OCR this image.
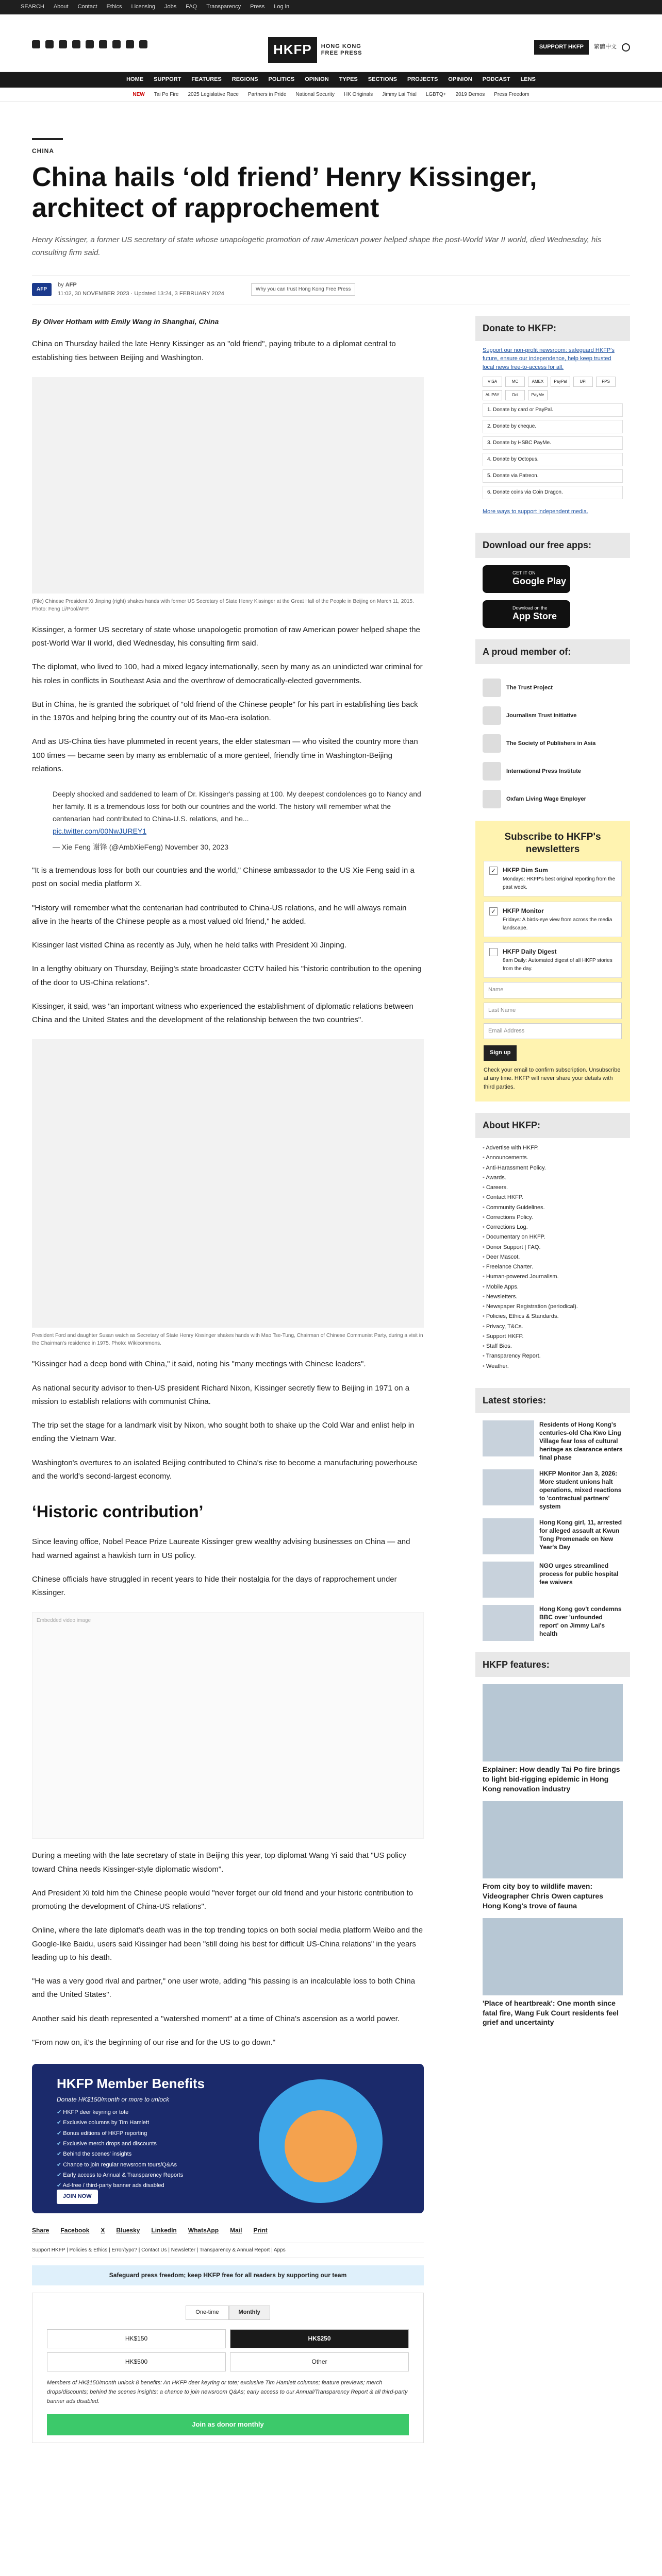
SEARCH About Contact Ethics Licensing Jobs FAQ Transparency Press Log in
HKFP	HONG KONG
FREE PRESS
SUPPORT HKFP	繁體中文
HOME SUPPORT FEATURES REGIONS POLITICS OPINION TYPES SECTIONS PROJECTS OPINION PODCAST LENS
NEW Tai Po Fire 2025 Legislative Race Partners in Pride National Security HK Originals Jimmy Lai Trial LGBTQ+ 2019 Demos Press Freedom
CHINA
China hails ‘old friend’ Henry Kissinger, architect of rapprochement
Henry Kissinger, a former US secretary of state whose unapologetic promotion of raw American power helped shape the post-World War II world, died Wednesday, his consulting firm said.
AFP
by AFP
11:02, 30 NOVEMBER 2023 · Updated 13:24, 3 FEBRUARY 2024
Why you can trust Hong Kong Free Press
By Oliver Hotham with Emily Wang in Shanghai, China

China on Thursday hailed the late Henry Kissinger as an "old friend", paying tribute to a diplomat central to establishing ties between Beijing and Washington.

(File) Chinese President Xi Jinping (right) shakes hands with former US Secretary of State Henry Kissinger at the Great Hall of the People in Beijing on March 11, 2015. Photo: Feng Li/Pool/AFP.

Kissinger, a former US secretary of state whose unapologetic promotion of raw American power helped shape the post-World War II world, died Wednesday, his consulting firm said.

The diplomat, who lived to 100, had a mixed legacy internationally, seen by many as an unindicted war criminal for his roles in conflicts in Southeast Asia and the overthrow of democratically-elected governments.

But in China, he is granted the sobriquet of "old friend of the Chinese people" for his part in establishing ties back in the 1970s and helping bring the country out of its Mao-era isolation.

And as US-China ties have plummeted in recent years, the elder statesman — who visited the country more than 100 times — became seen by many as emblematic of a more genteel, friendly time in Washington-Beijing relations.

Deeply shocked and saddened to learn of Dr. Kissinger's passing at 100. My deepest condolences go to Nancy and her family. It is a tremendous loss for both our countries and the world. The history will remember what the centenarian had contributed to China-U.S. relations, and he...
pic.twitter.com/00NwJUREY1
— Xie Feng 谢锋 (@AmbXieFeng) November 30, 2023

"It is a tremendous loss for both our countries and the world," Chinese ambassador to the US Xie Feng said in a post on social media platform X.

"History will remember what the centenarian had contributed to China-US relations, and he will always remain alive in the hearts of the Chinese people as a most valued old friend," he added.

Kissinger last visited China as recently as July, when he held talks with President Xi Jinping.

In a lengthy obituary on Thursday, Beijing's state broadcaster CCTV hailed his "historic contribution to the opening of the door to US-China relations".

Kissinger, it said, was "an important witness who experienced the establishment of diplomatic relations between China and the United States and the development of the relationship between the two countries".

President Ford and daughter Susan watch as Secretary of State Henry Kissinger shakes hands with Mao Tse-Tung, Chairman of Chinese Communist Party, during a visit in the Chairman's residence in 1975. Photo: Wikicommons.

"Kissinger had a deep bond with China," it said, noting his "many meetings with Chinese leaders".

As national security advisor to then-US president Richard Nixon, Kissinger secretly flew to Beijing in 1971 on a mission to establish relations with communist China.

The trip set the stage for a landmark visit by Nixon, who sought both to shake up the Cold War and enlist help in ending the Vietnam War.

Washington's overtures to an isolated Beijing contributed to China's rise to become a manufacturing powerhouse and the world's second-largest economy.

‘Historic contribution’

Since leaving office, Nobel Peace Prize Laureate Kissinger grew wealthy advising businesses on China — and had warned against a hawkish turn in US policy.

Chinese officials have struggled in recent years to hide their nostalgia for the days of rapprochement under Kissinger.

Embedded video image

During a meeting with the late secretary of state in Beijing this year, top diplomat Wang Yi said that "US policy toward China needs Kissinger-style diplomatic wisdom".

And President Xi told him the Chinese people would "never forget our old friend and your historic contribution to promoting the development of China-US relations".

Online, where the late diplomat's death was in the top trending topics on both social media platform Weibo and the Google-like Baidu, users said Kissinger had been "still doing his best for difficult US-China relations" in the years leading up to his death.

"He was a very good rival and partner," one user wrote, adding "his passing is an incalculable loss to both China and the United States".

Another said his death represented a "watershed moment" at a time of China's ascension as a world power.

"From now on, it's the beginning of our rise and for the US to go down."

HKFP Member Benefits
Donate HK$150/month or more to unlock
✔ HKFP deer keyring or tote
✔ Exclusive columns by Tim Hamlett
✔ Bonus editions of HKFP reporting
✔ Exclusive merch drops and discounts
✔ Behind the scenes' insights
✔ Chance to join regular newsroom tours/Q&As
✔ Early access to Annual & Transparency Reports
✔ Ad-free / third-party banner ads disabled
JOIN NOW
Share Facebook X Bluesky LinkedIn WhatsApp Mail Print
Support HKFP | Policies & Ethics | Error/typo? | Contact Us | Newsletter | Transparency & Annual Report | Apps
Safeguard press freedom; keep HKFP free for all readers by supporting our team
One-time	Monthly
HK$150	HK$250
HK$500	Other
Members of HK$150/month unlock 8 benefits: An HKFP deer keyring or tote; exclusive Tim Hamlett columns; feature previews; merch drops/discounts; behind the scenes insights; a chance to join newsroom Q&As; early access to our Annual/Transparency Report & all third-party banner ads disabled.
Join as donor monthly
Donate to HKFP:
Support our non-profit newsroom: safeguard HKFP's future, ensure our independence, help keep trusted local news free-to-access for all.
VISA	MC	AMEX	PayPal	UPI	FPS
ALIPAY	Oct	PayMe
1. Donate by card or PayPal.
2. Donate by cheque.
3. Donate by HSBC PayMe.
4. Donate by Octopus.
5. Donate via Patreon.
6. Donate coins via Coin Dragon.
More ways to support independent media.
Download our free apps:
GET IT ON
Google Play
Download on the
App Store
A proud member of:
The Trust Project
Journalism Trust Initiative
The Society of Publishers in Asia
International Press Institute
Oxfam Living Wage Employer
Subscribe to HKFP's newsletters
✓ HKFP Dim Sum
Mondays: HKFP's best original reporting from the past week.
✓ HKFP Monitor
Fridays: A birds-eye view from across the media landscape.
HKFP Daily Digest
8am Daily: Automated digest of all HKFP stories from the day.
Name
Last Name
Email Address
Sign up
Check your email to confirm subscription. Unsubscribe at any time. HKFP will never share your details with third parties.
About HKFP:
• Advertise with HKFP.
• Announcements.
• Anti-Harassment Policy.
• Awards.
• Careers.
• Contact HKFP.
• Community Guidelines.
• Corrections Policy.
• Corrections Log.
• Documentary on HKFP.
• Donor Support | FAQ.
• Deer Mascot.
• Freelance Charter.
• Human-powered Journalism.
• Mobile Apps.
• Newsletters.
• Newspaper Registration (periodical).
• Policies, Ethics & Standards.
• Privacy, T&Cs.
• Support HKFP.
• Staff Bios.
• Transparency Report.
• Weather.
Latest stories:
Residents of Hong Kong's centuries-old Cha Kwo Ling Village fear loss of cultural heritage as clearance enters final phase
HKFP Monitor Jan 3, 2026: More student unions halt operations, mixed reactions to 'contractual partners' system
Hong Kong girl, 11, arrested for alleged assault at Kwun Tong Promenade on New Year's Day
NGO urges streamlined process for public hospital fee waivers
Hong Kong gov't condemns BBC over 'unfounded report' on Jimmy Lai's health
HKFP features:
Explainer: How deadly Tai Po fire brings to light bid-rigging epidemic in Hong Kong renovation industry
From city boy to wildlife maven: Videographer Chris Owen captures Hong Kong's trove of fauna
'Place of heartbreak': One month since fatal fire, Wang Fuk Court residents feel grief and uncertainty
